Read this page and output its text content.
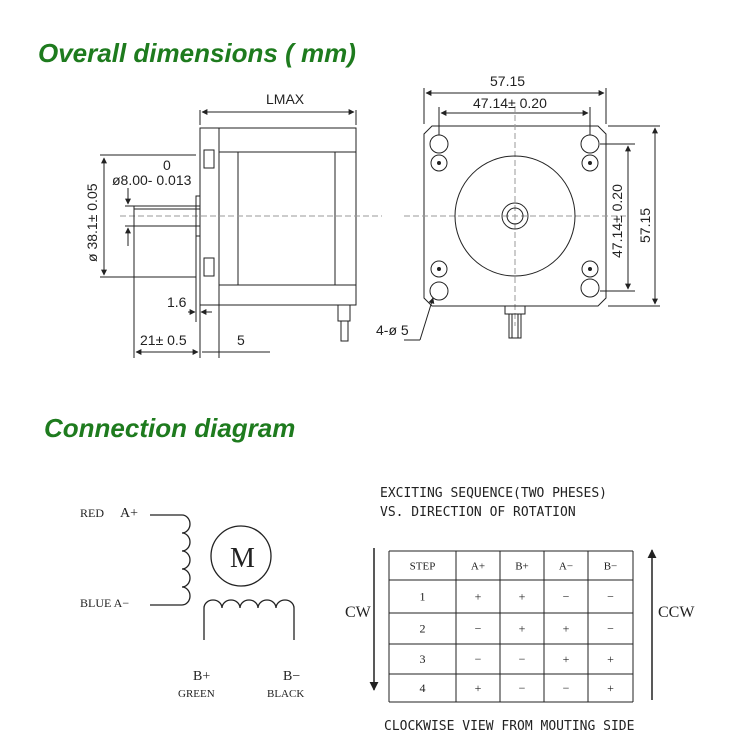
Overall dimensions ( mm)
Connection diagram
LMAX
0
ø8.00- 0.013
ø 38.1± 0.05
1.6
21± 0.5	5
57.15
47.14± 0.20
47.14± 0.20 57.15
4-ø 5
RED A+
BLUE A−
M
B+
GREEN
B−
BLACK
EXCITING SEQUENCE(TWO PHESES)
VS. DIRECTION OF ROTATION
CW	CCW
STEP	A+	B+	A−	B−
1	+	+	−	−
2	−	+	+	−
3	−	−	+	+
4	+	−	−	+
CLOCKWISE VIEW FROM MOUTING SIDE
